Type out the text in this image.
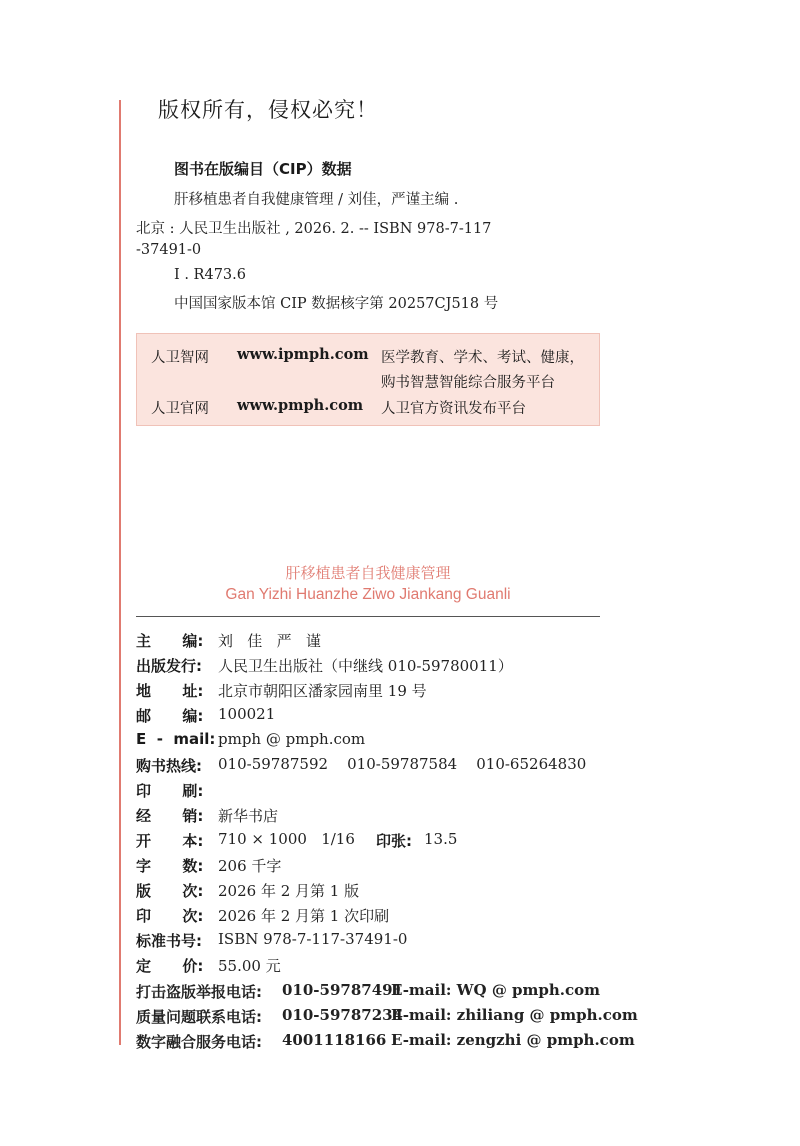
版权所有，侵权必究！
图书在版编目（CIP）数据
肝移植患者自我健康管理 / 刘佳，严谨主编 .
北京 : 人民卫生出版社 , 2026. 2. -- ISBN 978-7-117
-37491-0
Ⅰ . R473.6
中国国家版本馆 CIP 数据核字第 20257CJ518 号
人卫智网 www.ipmph.com 医学教育、学术、考试、健康，
购书智慧智能综合服务平台
人卫官网 www.pmph.com 人卫官方资讯发布平台
肝移植患者自我健康管理
Gan Yizhi Huanzhe Ziwo Jiankang Guanli
主      编: 刘   佳   严   谨
出版发行: 人民卫生出版社（中继线 010-59780011）
地      址: 北京市朝阳区潘家园南里 19 号
邮      编: 100021
E  -  mail: pmph @ pmph.com
购书热线: 010-59787592    010-59787584    010-65264830
印      刷:
经      销: 新华书店
开      本: 710 × 1000   1/16 印张: 13.5
字      数: 206 千字
版      次: 2026 年 2 月第 1 版
印      次: 2026 年 2 月第 1 次印刷
标准书号: ISBN 978-7-117-37491-0
定      价: 55.00 元
打击盗版举报电话: 010-59787491
E-mail: WQ @ pmph.com
质量问题联系电话: 010-59787234
E-mail: zhiliang @ pmph.com
数字融合服务电话: 4001118166 E-mail: zengzhi @ pmph.com
